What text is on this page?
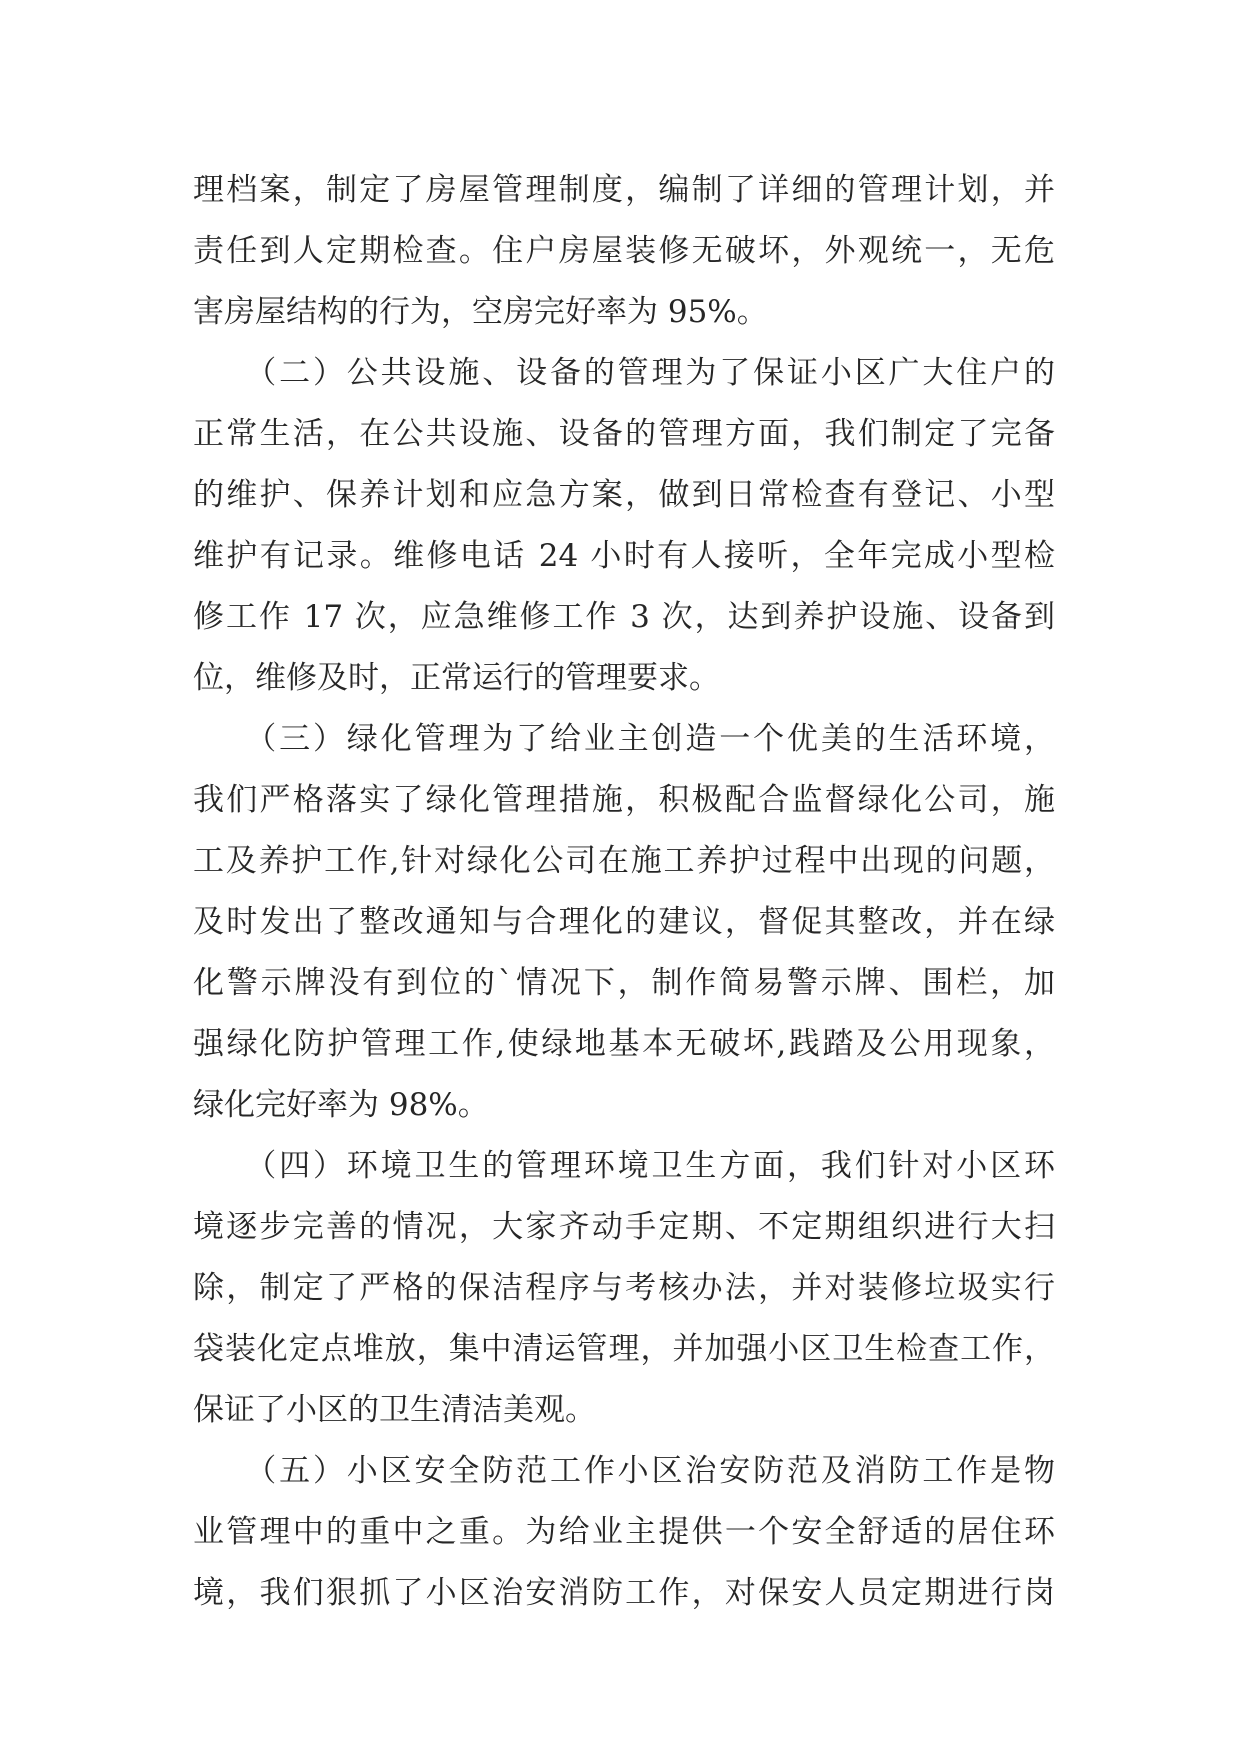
理档案，制定了房屋管理制度，编制了详细的管理计划，并
责任到人定期检查。住户房屋装修无破坏，外观统一，无危
害房屋结构的行为，空房完好率为 95%。
　　（二）公共设施、设备的管理为了保证小区广大住户的
正常生活，在公共设施、设备的管理方面，我们制定了完备
的维护、保养计划和应急方案，做到日常检查有登记、小型
维护有记录。维修电话 24 小时有人接听，全年完成小型检
修工作 17 次，应急维修工作 3 次，达到养护设施、设备到
位，维修及时，正常运行的管理要求。
　　（三）绿化管理为了给业主创造一个优美的生活环境，
我们严格落实了绿化管理措施，积极配合监督绿化公司，施
工及养护工作,针对绿化公司在施工养护过程中出现的问题，
及时发出了整改通知与合理化的建议，督促其整改，并在绿
化警示牌没有到位的`情况下，制作简易警示牌、围栏，加
强绿化防护管理工作,使绿地基本无破坏,践踏及公用现象，
绿化完好率为 98%。
　　（四）环境卫生的管理环境卫生方面，我们针对小区环
境逐步完善的情况，大家齐动手定期、不定期组织进行大扫
除，制定了严格的保洁程序与考核办法，并对装修垃圾实行
袋装化定点堆放，集中清运管理，并加强小区卫生检查工作，
保证了小区的卫生清洁美观。
　　（五）小区安全防范工作小区治安防范及消防工作是物
业管理中的重中之重。为给业主提供一个安全舒适的居住环
境，我们狠抓了小区治安消防工作，对保安人员定期进行岗
